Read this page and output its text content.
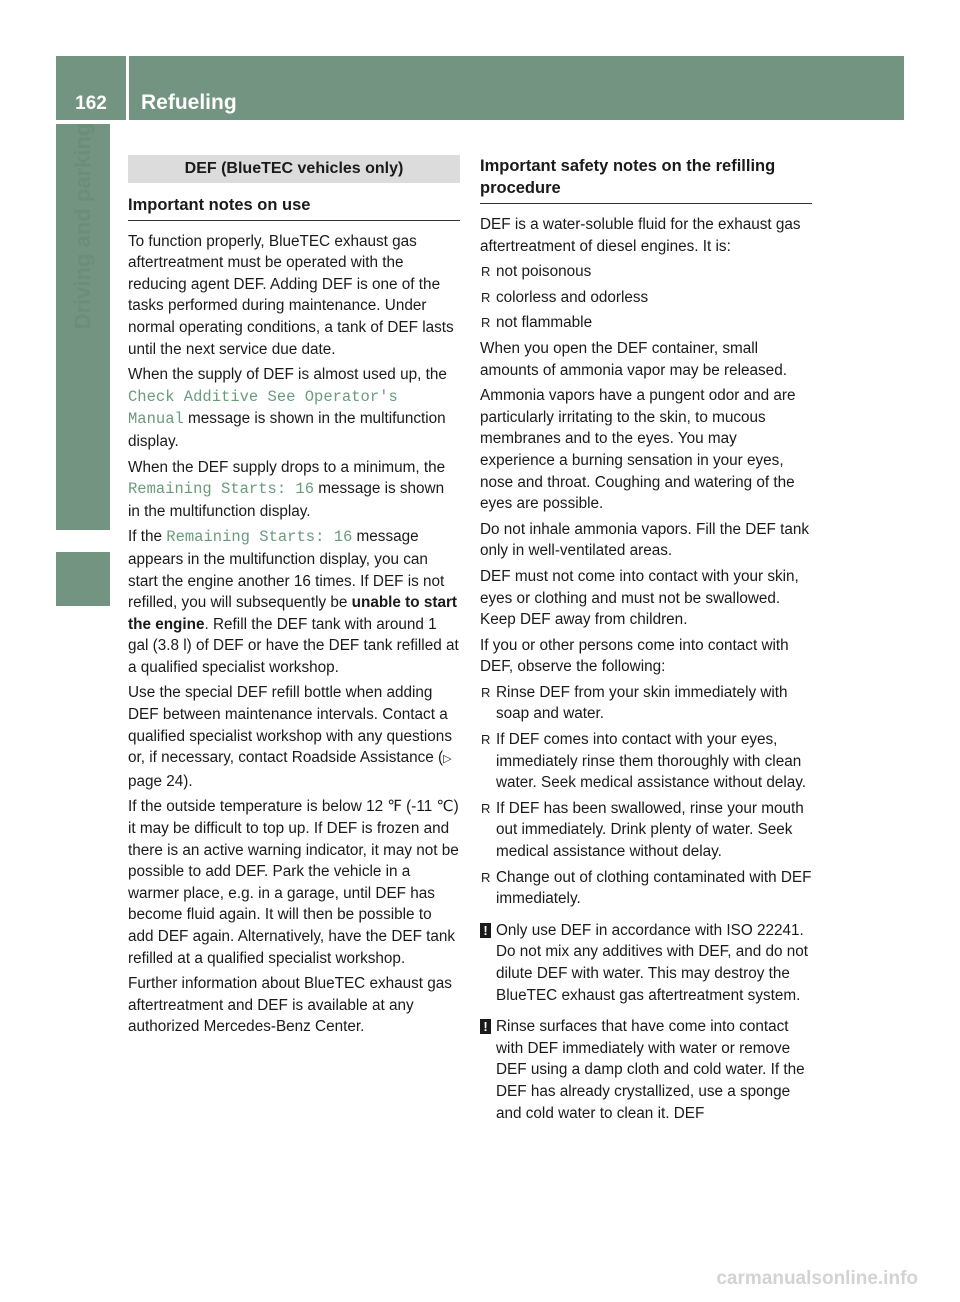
162	Refueling
Driving and parking	DEF (BlueTEC vehicles only)
Important notes on use

To function properly, BlueTEC exhaust gas aftertreatment must be operated with the reducing agent DEF. Adding DEF is one of the tasks performed during maintenance. Under normal operating conditions, a tank of DEF lasts until the next service due date.

When the supply of DEF is almost used up, the Check Additive See Operator's Manual message is shown in the multifunction display.

When the DEF supply drops to a minimum, the Remaining Starts: 16 message is shown in the multifunction display.

If the Remaining Starts: 16 message appears in the multifunction display, you can start the engine another 16 times. If DEF is not refilled, you will subsequently be unable to start the engine. Refill the DEF tank with around 1 gal (3.8 l) of DEF or have the DEF tank refilled at a qualified specialist workshop.

Use the special DEF refill bottle when adding DEF between maintenance intervals. Contact a qualified specialist workshop with any questions or, if necessary, contact Roadside Assistance (▷ page 24).

If the outside temperature is below 12 ℉ (‑11 ℃) it may be difficult to top up. If DEF is frozen and there is an active warning indicator, it may not be possible to add DEF. Park the vehicle in a warmer place, e.g. in a garage, until DEF has become fluid again. It will then be possible to add DEF again. Alternatively, have the DEF tank refilled at a qualified specialist workshop.

Further information about BlueTEC exhaust gas aftertreatment and DEF is available at any authorized Mercedes-Benz Center.

Important safety notes on the refilling procedure

DEF is a water-soluble fluid for the exhaust gas aftertreatment of diesel engines. It is:

R not poisonous
R colorless and odorless
R not flammable

When you open the DEF container, small amounts of ammonia vapor may be released.

Ammonia vapors have a pungent odor and are particularly irritating to the skin, to mucous membranes and to the eyes. You may experience a burning sensation in your eyes, nose and throat. Coughing and watering of the eyes are possible.

Do not inhale ammonia vapors. Fill the DEF tank only in well-ventilated areas.

DEF must not come into contact with your skin, eyes or clothing and must not be swallowed. Keep DEF away from children.

If you or other persons come into contact with DEF, observe the following:

R Rinse DEF from your skin immediately with soap and water.
R If DEF comes into contact with your eyes, immediately rinse them thoroughly with clean water. Seek medical assistance without delay.
R If DEF has been swallowed, rinse your mouth out immediately. Drink plenty of water. Seek medical assistance without delay.
R Change out of clothing contaminated with DEF immediately.
! Only use DEF in accordance with ISO 22241. Do not mix any additives with DEF, and do not dilute DEF with water. This may destroy the BlueTEC exhaust gas aftertreatment system.
! Rinse surfaces that have come into contact with DEF immediately with water or remove DEF using a damp cloth and cold water. If the DEF has already crystallized, use a sponge and cold water to clean it. DEF
carmanualsonline.info
